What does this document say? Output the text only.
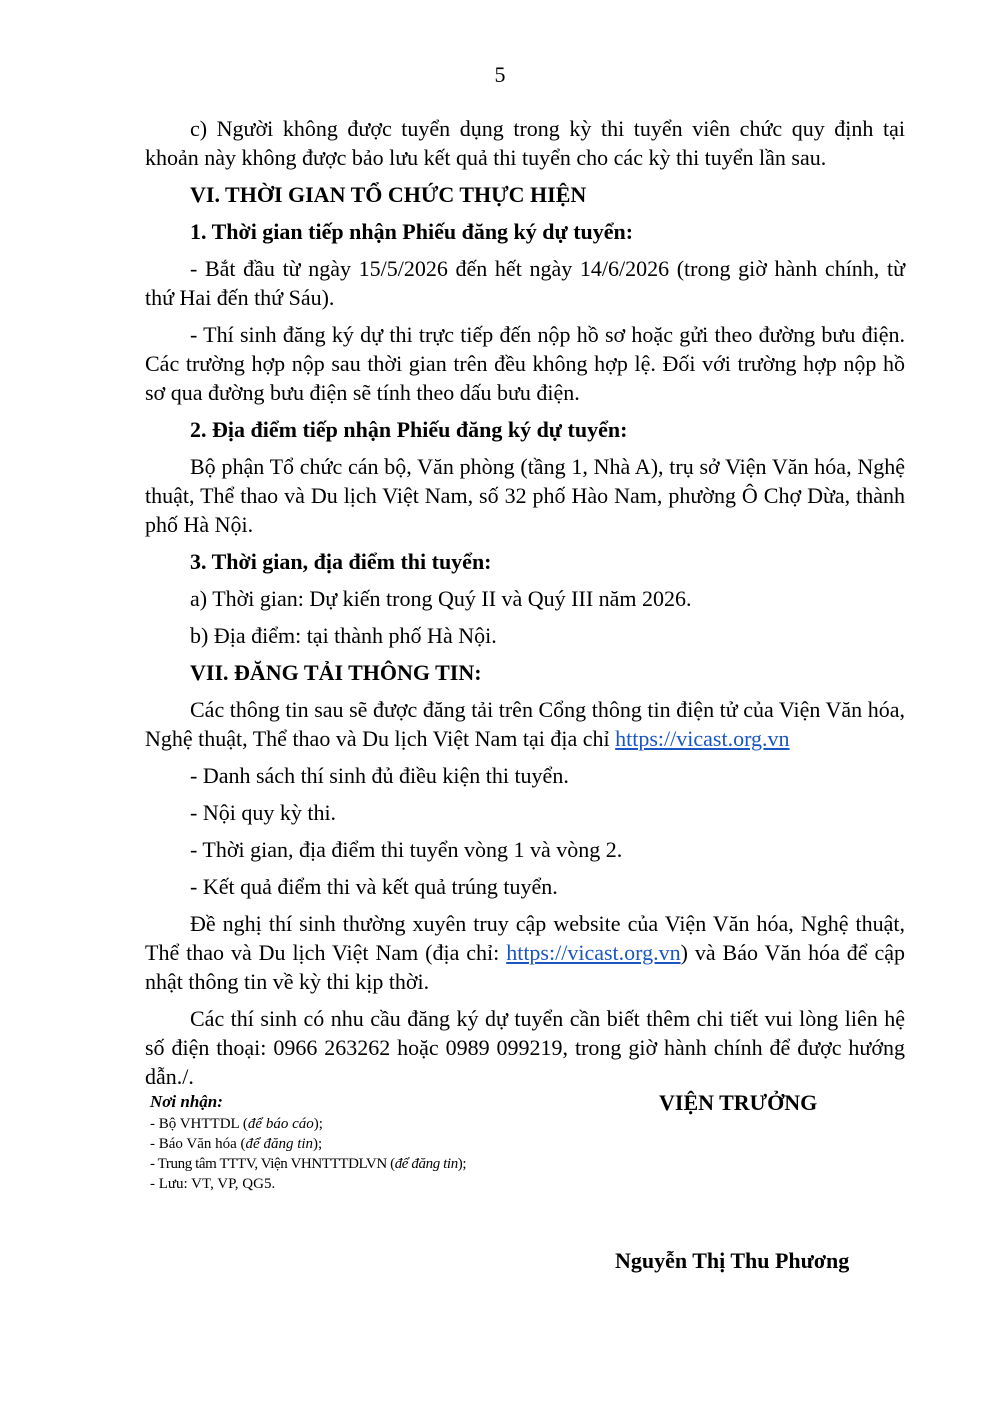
5

c) Người không được tuyển dụng trong kỳ thi tuyển viên chức quy định tại khoản này không được bảo lưu kết quả thi tuyển cho các kỳ thi tuyển lần sau.

VI. THỜI GIAN TỔ CHỨC THỰC HIỆN

1. Thời gian tiếp nhận Phiếu đăng ký dự tuyển:

- Bắt đầu từ ngày 15/5/2026 đến hết ngày 14/6/2026 (trong giờ hành chính, từ thứ Hai đến thứ Sáu).

- Thí sinh đăng ký dự thi trực tiếp đến nộp hồ sơ hoặc gửi theo đường bưu điện. Các trường hợp nộp sau thời gian trên đều không hợp lệ. Đối với trường hợp nộp hồ sơ qua đường bưu điện sẽ tính theo dấu bưu điện.

2. Địa điểm tiếp nhận Phiếu đăng ký dự tuyển:

Bộ phận Tổ chức cán bộ, Văn phòng (tầng 1, Nhà A), trụ sở Viện Văn hóa, Nghệ thuật, Thể thao và Du lịch Việt Nam, số 32 phố Hào Nam, phường Ô Chợ Dừa, thành phố Hà Nội.

3. Thời gian, địa điểm thi tuyển:

a) Thời gian: Dự kiến trong Quý II và Quý III năm 2026.

b) Địa điểm: tại thành phố Hà Nội.

VII. ĐĂNG TẢI THÔNG TIN:

Các thông tin sau sẽ được đăng tải trên Cổng thông tin điện tử của Viện Văn hóa, Nghệ thuật, Thể thao và Du lịch Việt Nam tại địa chỉ https://vicast.org.vn

- Danh sách thí sinh đủ điều kiện thi tuyển.

- Nội quy kỳ thi.

- Thời gian, địa điểm thi tuyển vòng 1 và vòng 2.

- Kết quả điểm thi và kết quả trúng tuyển.

Đề nghị thí sinh thường xuyên truy cập website của Viện Văn hóa, Nghệ thuật, Thể thao và Du lịch Việt Nam (địa chỉ: https://vicast.org.vn) và Báo Văn hóa để cập nhật thông tin về kỳ thi kịp thời.

Các thí sinh có nhu cầu đăng ký dự tuyển cần biết thêm chi tiết vui lòng liên hệ số điện thoại: 0966 263262 hoặc 0989 099219, trong giờ hành chính để được hướng dẫn./.

Nơi nhận:
- Bộ VHTTDL (để báo cáo);
- Báo Văn hóa (để đăng tin);
- Trung tâm TTTV, Viện VHNTTTDLVN (để đăng tin);
- Lưu: VT, VP, QG5.
VIỆN TRƯỞNG
Nguyễn Thị Thu Phương
